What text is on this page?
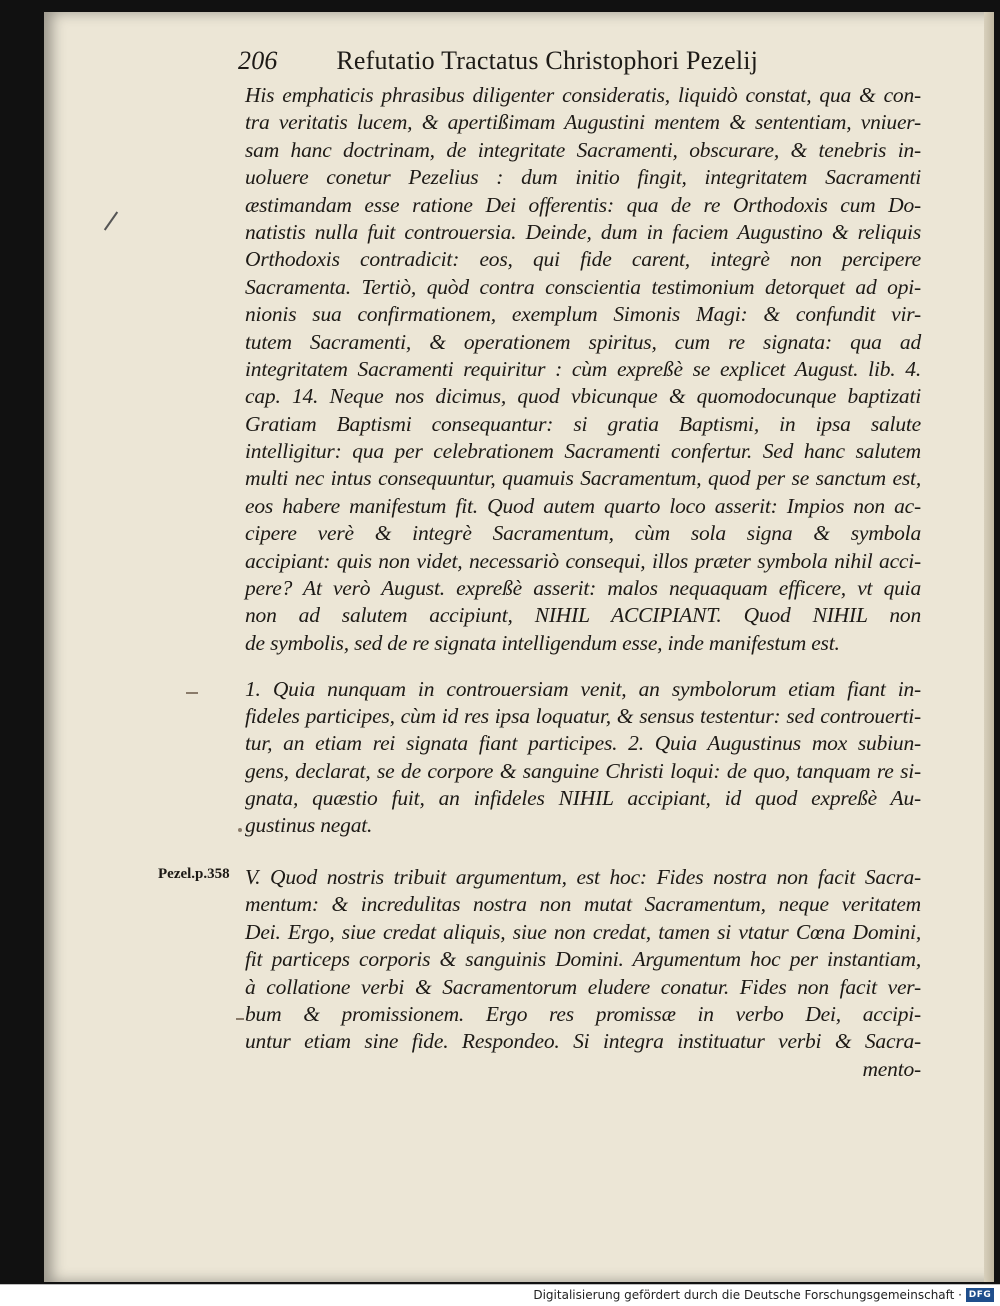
206 Refutatio Tractatus Christophori Pezelij
His emphaticis phrasibus diligenter consideratis, liquidò constat, qua & con-
tra veritatis lucem, & apertißimam Augustini mentem & sententiam, vniuer-
sam hanc doctrinam, de integritate Sacramenti, obscurare, & tenebris in-
uoluere conetur Pezelius : dum initio fingit, integritatem Sacramenti
æstimandam esse ratione Dei offerentis: qua de re Orthodoxis cum Do-
natistis nulla fuit controuersia. Deinde, dum in faciem Augustino & reliquis
Orthodoxis contradicit: eos, qui fide carent, integrè non percipere
Sacramenta. Tertiò, quòd contra conscientia testimonium detorquet ad opi-
nionis sua confirmationem, exemplum Simonis Magi: & confundit vir-
tutem Sacramenti, & operationem spiritus, cum re signata: qua ad
integritatem Sacramenti requiritur : cùm expreßè se explicet August. lib. 4.
cap. 14. Neque nos dicimus, quod vbicunque & quomodocunque baptizati
Gratiam Baptismi consequantur: si gratia Baptismi, in ipsa salute
intelligitur: qua per celebrationem Sacramenti confertur. Sed hanc salutem
multi nec intus consequuntur, quamuis Sacramentum, quod per se sanctum est,
eos habere manifestum fit. Quod autem quarto loco asserit: Impios non ac-
cipere verè & integrè Sacramentum, cùm sola signa & symbola
accipiant: quis non videt, necessariò consequi, illos præter symbola nihil acci-
pere? At verò August. expreßè asserit: malos nequaquam efficere, vt quia
non ad salutem accipiunt, NIHIL ACCIPIANT. Quod NIHIL non
de symbolis, sed de re signata intelligendum esse, inde manifestum est.
1. Quia nunquam in controuersiam venit, an symbolorum etiam fiant in-
fideles participes, cùm id res ipsa loquatur, & sensus testentur: sed controuerti-
tur, an etiam rei signata fiant participes. 2. Quia Augustinus mox subiun-
gens, declarat, se de corpore & sanguine Christi loqui: de quo, tanquam re si-
gnata, quæstio fuit, an infideles NIHIL accipiant, id quod expreßè Au-
gustinus negat.
Pezel.p.358 V. Quod nostris tribuit argumentum, est hoc: Fides nostra non facit Sacra-
mentum: & incredulitas nostra non mutat Sacramentum, neque veritatem
Dei. Ergo, siue credat aliquis, siue non credat, tamen si vtatur Cœna Domini,
fit particeps corporis & sanguinis Domini. Argumentum hoc per instantiam,
à collatione verbi & Sacramentorum eludere conatur. Fides non facit ver-
bum & promissionem. Ergo res promissæ in verbo Dei, accipi-
untur etiam sine fide. Respondeo. Si integra instituatur verbi & Sacra-
mento-
Digitalisierung gefördert durch die Deutsche Forschungsgemeinschaft · DFG
